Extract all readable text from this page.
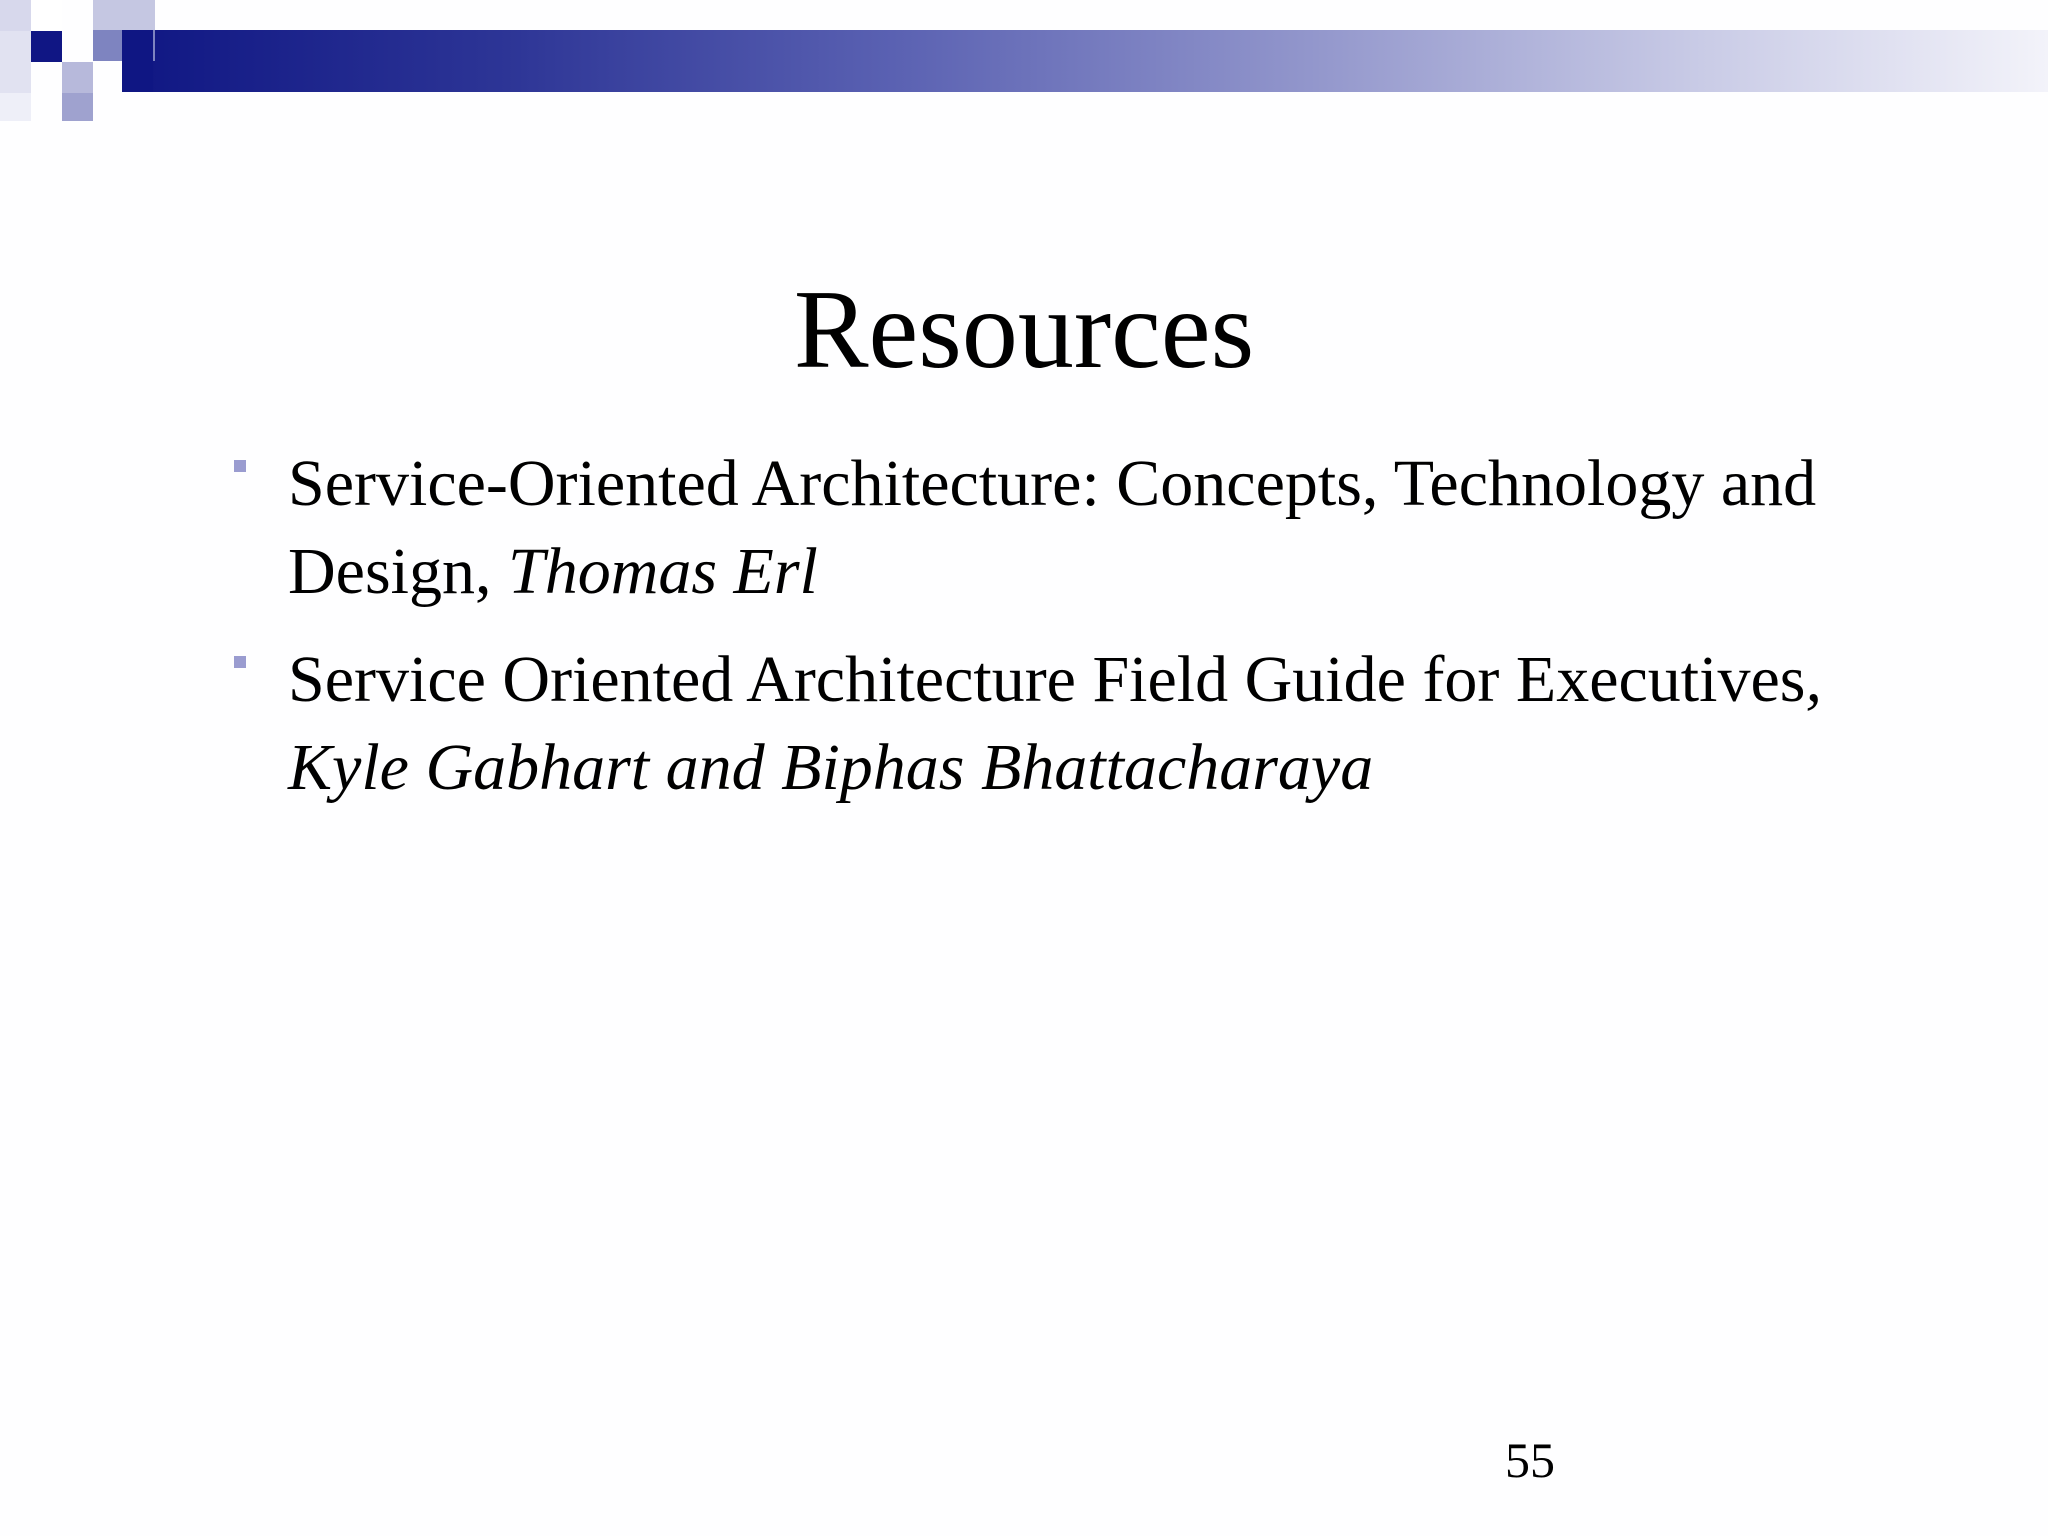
Resources
Service-Oriented Architecture: Concepts, Technology and Design, Thomas Erl
Service Oriented Architecture Field Guide for Executives, Kyle Gabhart and Biphas Bhattacharaya
55
